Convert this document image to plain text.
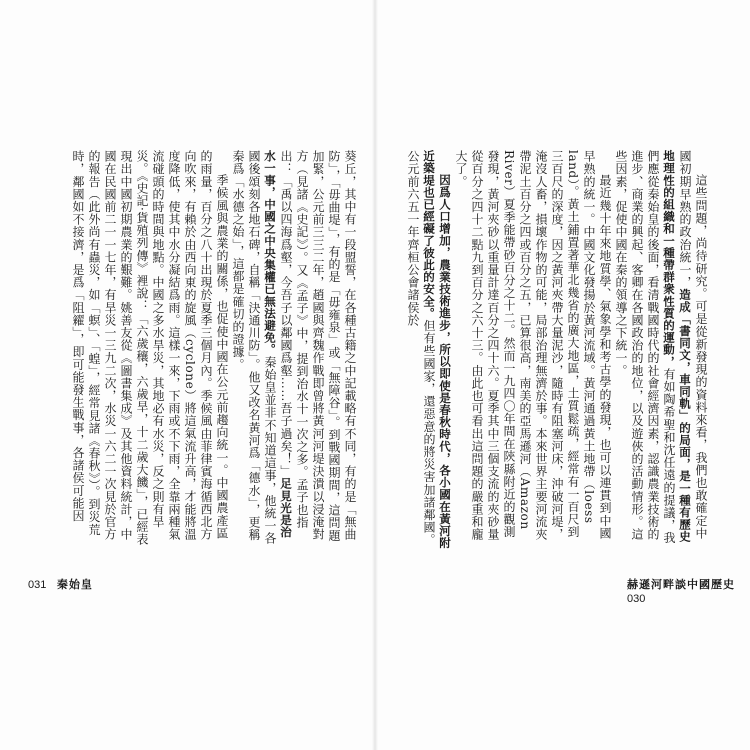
葵丘，其中有一段盟誓，在各種古籍之中記載略有不同，有的是「無曲防」，「毋曲堤」，有的是「毋雍泉」或「無障谷」。到戰國期間，這問題加緊，公元前三三二年，趙國與齊魏作戰即曾將黃河河堤決潰以浸淹對方（見諸《史記》）。又《孟子》中，提到治水十一次之多。孟子也指出：「禹以四海爲壑，今吾子以鄰國爲壑……吾子過矣！」足見光是治水一事，中國之中央集權已無法避免。秦始皇並非不知道這事，他統一各國後頌刻各地石碑，自稱「決通川防」。他又改名黃河爲「德水」，更稱秦爲「水德之始」，這都是確切的證據。

季候風與農業的關係，也促使中國在公元前趨向統一。中國農產區的雨量，百分之八十出現於夏季三個月內。季候風由菲律賓海循西北方向吹來，有賴於由西向東的旋風（cyclone）將這氣流升高，才能將溫度降低，使其中水分凝結爲雨。這樣一來，下雨或不下雨，全靠兩種氣流碰頭的時間與地點。中國之多水旱災，其地必有水災，反之則有旱災。《史記·貨殖列傳》裡說：「六歲穰，六歲旱，十二歲大饑」，已經表現出中國初期農業的艱難。姚善友從《圖書集成》及其他資料統計，中國在民國前二一一七年，有旱災一三九二次，水災一六二一次見於官方的報告（此外尚有蟲災，如「螟」、「蝗」，經常見諸《春秋》）。到災荒時，鄰國如不接濟，是爲「阻糴」，即可能發生戰事，各諸侯可能因

031 秦始皇

這些問題，尚待研究。可是從新發現的資料來看，我們也敢確定中國初期早熟的政治統一，造成「書同文，車同軌」的局面，是一種有歷史地理性的組織和一種帶群衆性質的運動，有如陶希聖和沈任遠的提議，我們應從秦始皇的後面，看清戰國時代的社會經濟因素，認識農業技術的進步、商業的興起、客卿在各國政治的地位，以及遊俠的活動情形。這些因素，促使中國在秦的領導之下統一。

最近幾十年來地質學、氣象學和考古學的發現，也可以連貫到中國早熟的統一。中國文化發揚於黃河流域。黃河通過黃土地帶（loess land）。黃土鋪置著華北幾省的廣大地區，土質鬆疏，經常有一百尺到三百尺的深度，因之黃河夾帶大量泥沙，隨時有阻塞河床，沖破河堤，淹沒人畜，損壞作物的可能，局部治理無濟於事。本來世界主要河流夾帶泥土百分之四或百分之五，已算很高，南美的亞馬遜河（Amazon River）夏季能帶砂百分之十二。然而一九四〇年間在陝縣附近的觀測發現，黃河夾砂以重量計達百分之四十六。夏季其中三個支流的夾砂量從百分之四十二點九到百分之六十三。由此也可看出這問題的嚴重和龐大了。

因爲人口增加，農業技術進步，所以即使是春秋時代，各小國在黃河附近築堤也已經礙了彼此的安全。但有些國家，還惡意的將災害加諸鄰國。公元前六五一年齊桓公會諸侯於

赫遜河畔談中國歷史   030
